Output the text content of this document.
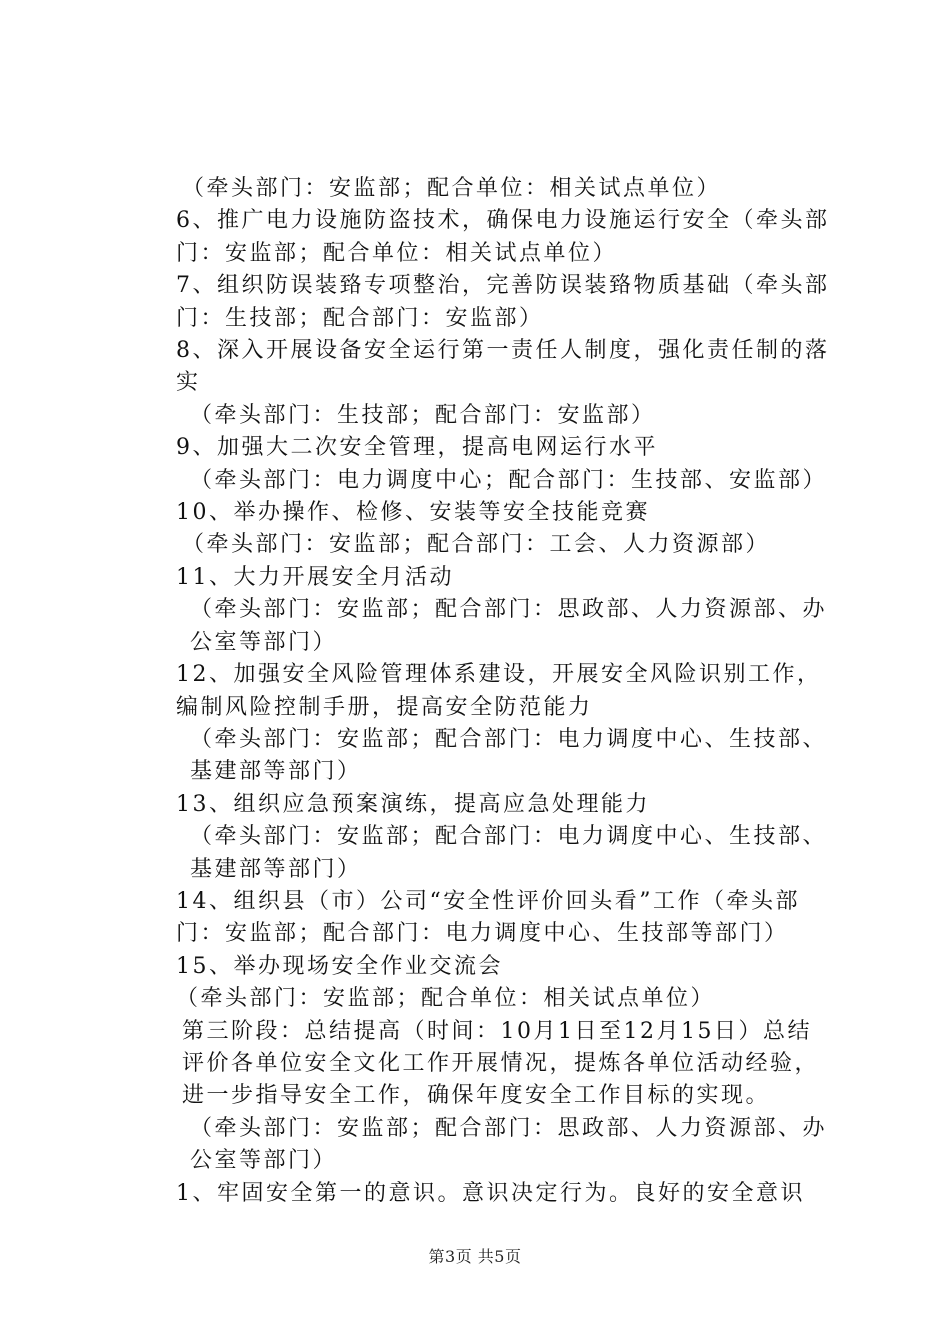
（牵头部门：安监部；配合单位：相关试点单位）

6、推广电力设施防盗技术，确保电力设施运行安全（牵头部门：安监部；配合单位：相关试点单位）

7、组织防误装臵专项整治，完善防误装臵物质基础（牵头部门：生技部；配合部门：安监部）

8、深入开展设备安全运行第一责任人制度，强化责任制的落实

（牵头部门：生技部；配合部门：安监部）

9、加强大二次安全管理，提高电网运行水平

（牵头部门：电力调度中心；配合部门：生技部、安监部）

10、举办操作、检修、安装等安全技能竞赛

（牵头部门：安监部；配合部门：工会、人力资源部）

11、大力开展安全月活动

（牵头部门：安监部；配合部门：思政部、人力资源部、办公室等部门）

12、加强安全风险管理体系建设，开展安全风险识别工作，编制风险控制手册，提高安全防范能力

（牵头部门：安监部；配合部门：电力调度中心、生技部、基建部等部门）

13、组织应急预案演练，提高应急处理能力

（牵头部门：安监部；配合部门：电力调度中心、生技部、基建部等部门）

14、组织县（市）公司“安全性评价回头看”工作（牵头部门：安监部；配合部门：电力调度中心、生技部等部门）

15、举办现场安全作业交流会

（牵头部门：安监部；配合单位：相关试点单位）

第三阶段：总结提高（时间：10月1日至12月15日）总结评价各单位安全文化工作开展情况，提炼各单位活动经验，进一步指导安全工作，确保年度安全工作目标的实现。

（牵头部门：安监部；配合部门：思政部、人力资源部、办公室等部门）

1、牢固安全第一的意识。意识决定行为。良好的安全意识

第3页 共5页
